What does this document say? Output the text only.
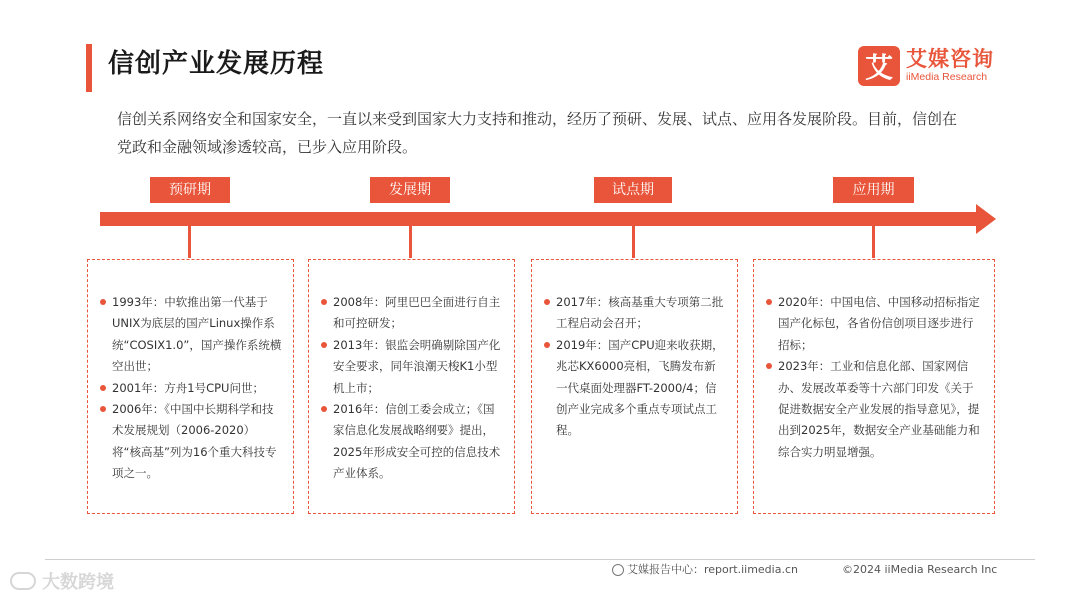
信创产业发展历程	艾 艾媒咨询
iiMedia Research

信创关系网络安全和国家安全，一直以来受到国家大力支持和推动，经历了预研、发展、试点、应用各发展阶段。目前，信创在党政和金融领域渗透较高，已步入应用阶段。

预研期
1993年：中软推出第一代基于UNIX为底层的国产Linux操作系统“COSIX1.0”，国产操作系统横空出世；
2001年：方舟1号CPU问世；
2006年：《中国中长期科学和技术发展规划（2006-2020）将“核高基”列为16个重大科技专项之一。
发展期
2008年：阿里巴巴全面进行自主和可控研发；
2013年：银监会明确剔除国产化安全要求，同年浪潮天梭K1小型机上市；
2016年：信创工委会成立；《国家信息化发展战略纲要》提出，2025年形成安全可控的信息技术产业体系。
试点期
2017年：核高基重大专项第二批工程启动会召开；
2019年：国产CPU迎来收获期，兆芯KX6000亮相，飞腾发布新一代桌面处理器FT-2000/4；信创产业完成多个重点专项试点工程。
应用期
2020年：中国电信、中国移动招标指定国产化标包，各省份信创项目逐步进行招标；
2023年：工业和信息化部、国家网信办、发展改革委等十六部门印发《关于促进数据安全产业发展的指导意见》，提出到2025年，数据安全产业基础能力和综合实力明显增强。
艾媒报告中心：report.iimedia.cn	©2024 iiMedia Research Inc
大数跨境
